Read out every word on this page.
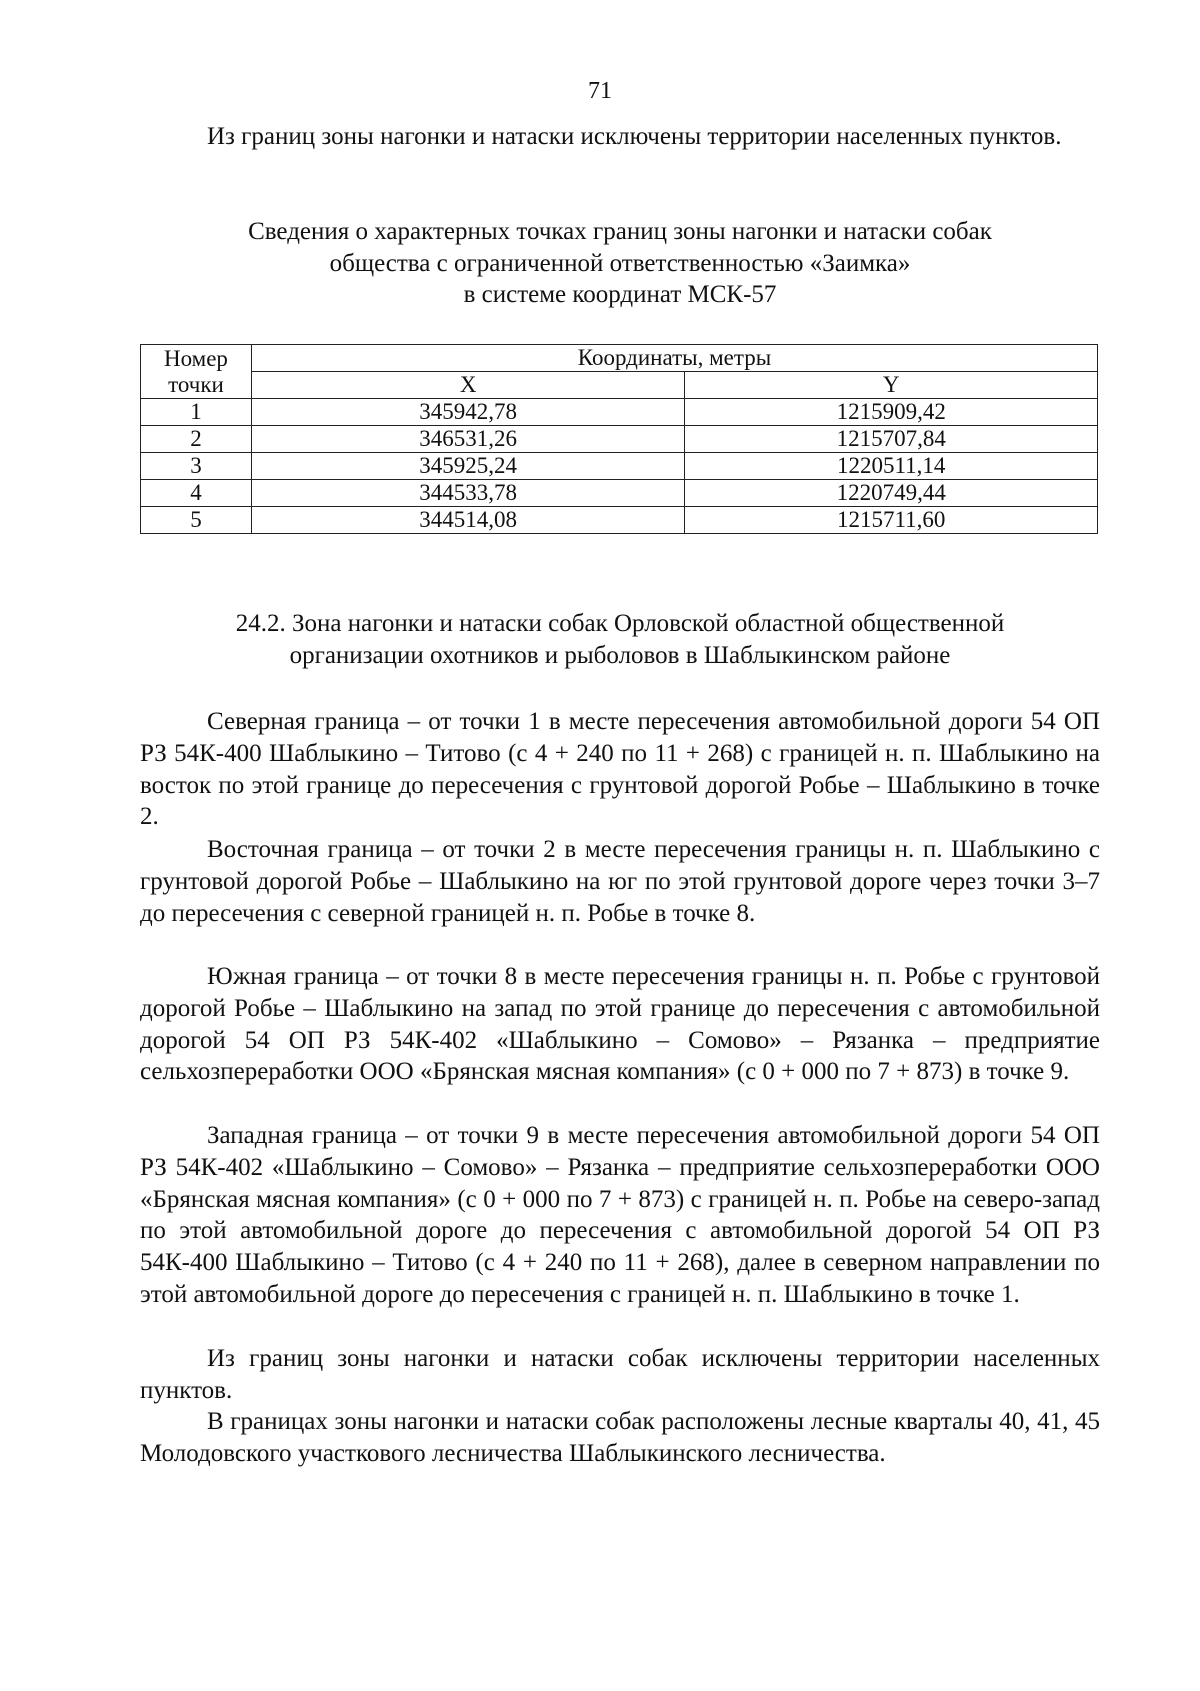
71

Из границ зоны нагонки и натаски исключены территории населенных пунктов.

Сведения о характерных точках границ зоны нагонки и натаски собак
общества с ограниченной ответственностью «Заимка»
в системе координат МСК-57
Номер
точки	Координаты, метры	
	X	Y
1	345942,78	1215909,42
2	346531,26	1215707,84
3	345925,24	1220511,14
4	344533,78	1220749,44
5	344514,08	1215711,60
24.2. Зона нагонки и натаски собак Орловской областной общественной
организации охотников и рыболовов в Шаблыкинском районе

Северная граница – от точки 1 в месте пересечения автомобильной дороги 54 ОП РЗ 54К-400 Шаблыкино – Титово (с 4 + 240 по 11 + 268) с границей н. п. Шаблыкино на восток по этой границе до пересечения с грунтовой дорогой Робье – Шаблыкино в точке 2.

Восточная граница – от точки 2 в месте пересечения границы н. п. Шаблыкино с грунтовой дорогой Робье – Шаблыкино на юг по этой грунтовой дороге через точки 3–7 до пересечения с северной границей н. п. Робье в точке 8.

Южная граница – от точки 8 в месте пересечения границы н. п. Робье с грунтовой дорогой Робье – Шаблыкино на запад по этой границе до пересечения с автомобильной дорогой 54 ОП РЗ 54К-402 «Шаблыкино – Сомово» – Рязанка – предприятие сельхозпереработки ООО «Брянская мясная компания» (с 0 + 000 по 7 + 873) в точке 9.

Западная граница – от точки 9 в месте пересечения автомобильной дороги 54 ОП РЗ 54К-402 «Шаблыкино – Сомово» – Рязанка – предприятие сельхозпереработки ООО «Брянская мясная компания» (с 0 + 000 по 7 + 873) с границей н. п. Робье на северо-запад по этой автомобильной дороге до пересечения с автомобильной дорогой 54 ОП РЗ 54К-400 Шаблыкино – Титово (с 4 + 240 по 11 + 268), далее в северном направлении по этой автомобильной дороге до пересечения с границей н. п. Шаблыкино в точке 1.

Из границ зоны нагонки и натаски собак исключены территории населенных пунктов.

В границах зоны нагонки и натаски собак расположены лесные кварталы 40, 41, 45 Молодовского участкового лесничества Шаблыкинского лесничества.
